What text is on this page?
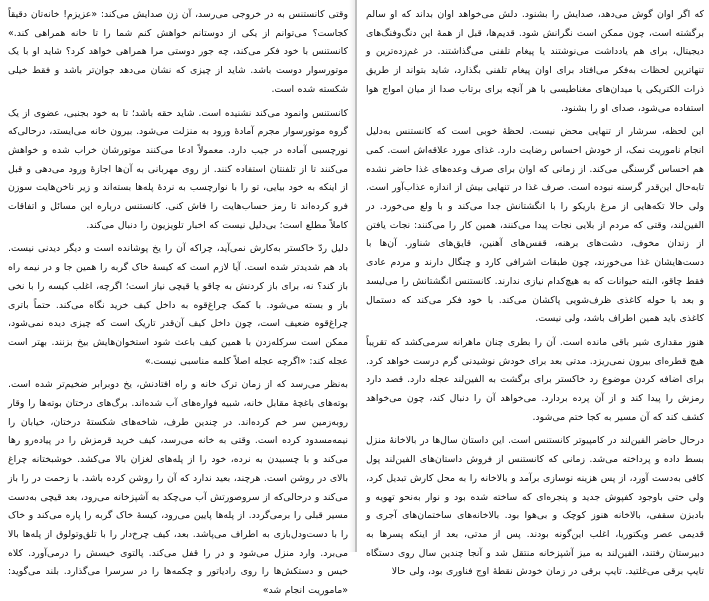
که اگر اوان گوش می‌دهد، صدایش را بشنود. دلش می‌خواهد اوان بداند که او سالم برگشته است، چون ممکن است نگرانش شود. قدیم‌ها، قبل از همهٔ این دنگ‌وفنگ‌های دیجیتال، برای هم یادداشت می‌نوشتند یا پیغام تلفنی می‌گذاشتند. در غم‌زده‌ترین و تنهاترین لحظات به‌فکر می‌افتاد برای اوان پیغام تلفنی بگذارد، شاید بتواند از طریق ذرات الکتریکی یا میدان‌های مغناطیسی با هر آنچه برای برتاب صدا از میان امواج هوا استفاده می‌شود، صدای او را بشنود.

این لحظه، سرشار از تنهایی محض نیست. لحظهٔ خوبی است که کانستنس به‌دلیل انجام ناموریت نمک، از خودش احساس رضایت دارد. غذای مورد علاقه‌اش است. کمی هم احساس گرسنگی می‌کند. از زمانی که اوان برای صرف وعده‌های غذا حاضر نشده تابه‌حال این‌قدر گرسنه نبوده است. صرف غذا در تنهایی بیش از اندازه عذاب‌آور است. ولی حالا تکه‌هایی از مرغ باریکو را با انگشتانش جدا می‌کند و با ولع می‌خورد. در الفین‌لند، وقتی که مردم از بلایی نجات پیدا می‌کنند، همین کار را می‌کنند: نجات یافتن از زندان مخوف، دشت‌های برهنه، قفس‌های آهنین، قایق‌های شناور. آن‌ها با دست‌هایشان غذا می‌خورند، چون طبقات اشرافی کارد و چنگال دارند و مردم عادی فقط چاقو، البته حیوانات که به هیچ‌کدام نیازی ندارند. کانستنس انگشتانش را می‌لیسد و بعد با حوله کاغذی ظرف‌شویی پاکشان می‌کند. با خود فکر می‌کند که دستمال کاغذی باید همین اطراف باشد، ولی نیست.

هنوز مقداری شیر باقی مانده است. آن را بطری چنان ماهرانه سرمی‌کشد که تقریباً هیچ قطره‌ای بیرون نمی‌ریزد. مدتی بعد برای خودش نوشیدنی گرم درست خواهد کرد. برای اضافه کردن موضوع رد خاکستر برای برگشت به الفین‌لند عجله دارد. قصد دارد رمزش را پیدا کند و از آن پرده بردارد. می‌خواهد آن را دنبال کند، چون می‌خواهد کشف کند که آن مسیر به کجا ختم می‌شود.

درحال حاضر الفین‌لند در کامپیوتر کانستنس است. این داستان سال‌ها در بالاخانهٔ منزل بسط داده و پرداخته می‌شد. زمانی که کانستنس از فروش داستان‌های الفین‌لند پول کافی به‌دست آورد، از پس هزینه نوسازی برآمد و بالاخانه را به محل کارش تبدیل کرد، ولی حتی باوجود کفپوش جدید و پنجره‌ای که ساخته شده بود و نوار به‌نحو تهویه و بادبزن سقفی، بالاخانه هنوز کوچک و بی‌هوا بود. بالاخانه‌های ساختمان‌های آجری و قدیمی عصر ویکتوریا، اغلب این‌گونه بودند. پس از مدتی، بعد از اینکه پسرها به دبیرستان رفتند، الفین‌لند به میز آشپزخانه منتقل شد و آنجا چندین سال روی دستگاه تایپ برقی می‌غلتید. تایپ برقی در زمان خودش نقطهٔ اوج فناوری بود، ولی حالا

وقتی کانستنس به در خروجی می‌رسد، آن زن صدایش می‌کند: «عزیزم! خانه‌تان دقیقاً کجاست؟ می‌توانم از یکی از دوستانم خواهش کنم شما را تا خانه همراهی کند.» کانستنس با خود فکر می‌کند، چه جور دوستی مرا همراهی خواهد کرد؟ شاید او با یک موتورسوار دوست باشد. شاید از چیزی که نشان می‌دهد جوان‌تر باشد و فقط خیلی شکسته شده است.

کانستنس وانمود می‌کند نشنیده است. شاید حقه باشد؛ تا به خود بجنبی، عضوی از یک گروه موتورسوار مجرم آمادهٔ ورود به منزلت می‌شود. بیرون خانه می‌ایستد، درحالی‌که نورچسبی آماده در جیب دارد. معمولاً ادعا می‌کنند موتورشان خراب شده و خواهش می‌کنند تا از تلفنتان استفاده کنند. از روی مهربانی به آن‌ها اجازهٔ ورود می‌دهی و قبل از اینکه به خود بیایی، تو را با نوارچسب به نرده‌ٔ پله‌ها بسته‌اند و زیر ناخن‌هایت سوزن فرو کرده‌اند تا رمز حساب‌هایت را فاش کنی. کانستنس درباره این مسائل و اتفاقات کاملاً مطلع است؛ بی‌دلیل نیست که اخبار تلویزیون را دنبال می‌کند.

دلیل ردّ خاکستر به‌کارش نمی‌آید، چراکه آن را یخ پوشانده است و دیگر دیدنی نیست. باد هم شدیدتر شده است. آیا لازم است که کیسهٔ خاک گربه را همین جا و در نیمه راه باز کند؟ نه، برای باز کردنش به چاقو یا قیچی نیاز است؛ اگرچه، اغلب کیسه را با نخی باز و بسته می‌شود. با کمک چراغ‌قوه به داخل کیف خرید نگاه می‌کند. حتماً باتری چراغ‌قوه ضعیف است، چون داخل کیف آن‌قدر تاریک است که چیزی دیده نمی‌شود، ممکن است سرکله‌زدن با همین کیف باعث شود استخوان‌هایش بیخ بزنند. بهتر است عجله کند: «اگرچه عجله اصلاً کلمه مناسبی نیست.»

به‌نظر می‌رسد که از زمان ترک خانه و راه افتادنش، یخ دوبرابر ضخیم‌تر شده است. بوته‌های باغچهٔ مقابل خانه، شبیه فواره‌های آب شده‌اند. برگ‌های درختان بوته‌ها را وقار روبه‌زمین سر خم کرده‌اند. در چندین طرف، شاخه‌های شکستهٔ درختان، خیابان را نیمه‌مسدود کرده است. وقتی به خانه می‌رسد، کیف خرید قرمزش را در پیاده‌رو رها می‌کند و با چسبیدن به نرده، خود را از پله‌های لغزان بالا می‌کشد. خوشبختانه چراغ بالای در روشن است. هرچند، بعید ندارد که آن را روشن کرده باشد. با زحمت در را باز می‌کند و درحالی‌که از سروصورتش آب می‌چکد به آشپزخانه می‌رود، بعد قیچی به‌دست مسیر قبلی را برمی‌گردد. از پله‌ها پایین می‌رود، کیسهٔ خاک گربه را پاره می‌کند و خاک را با دست‌ودل‌بازی به اطراف می‌پاشد. بعد، کیف چرخ‌دار را با تلق‌وتولوق از پله‌ها بالا می‌برد. وارد منزل می‌شود و در را قفل می‌کند. پالتوی خیسش را درمی‌آورد. کلاه خیس و دستکش‌ها را روی رادیاتور و چکمه‌ها را در سرسرا می‌گذارد. بلند می‌گوید: «ماموریت انجام شد»
